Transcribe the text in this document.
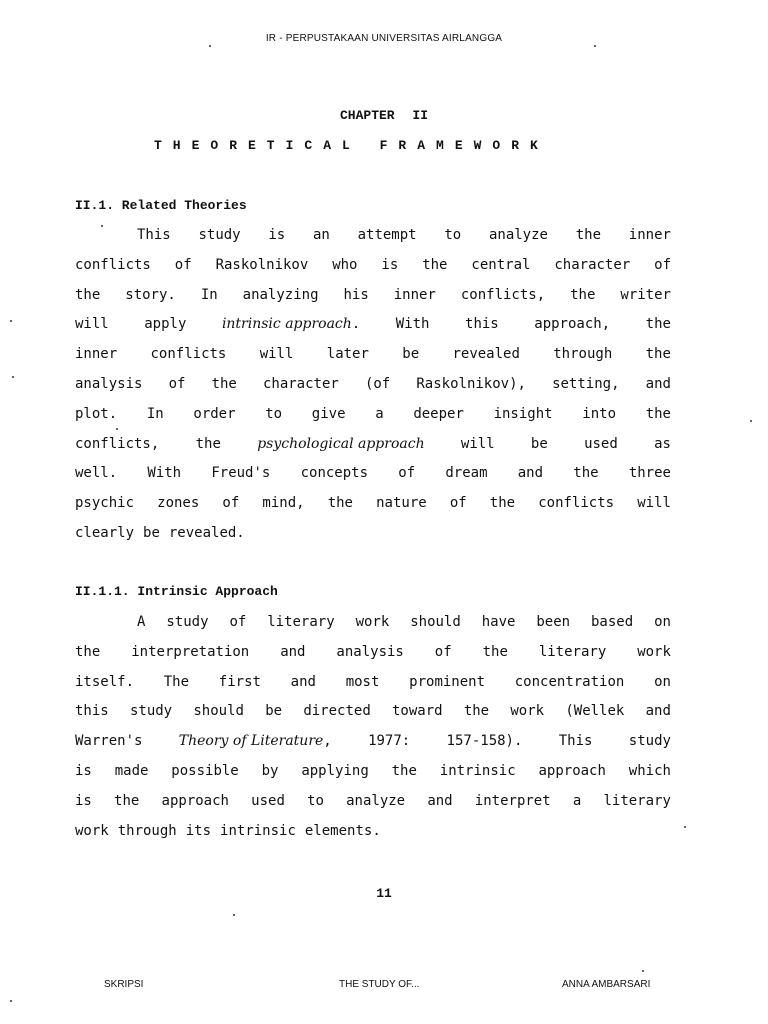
IR - PERPUSTAKAAN UNIVERSITAS AIRLANGGA
CHAPTER II
THEORETICAL FRAMEWORK
II.1. Related Theories
This study is an attempt to analyze the inner
conflicts of Raskolnikov who is the central character of
the story. In analyzing his inner conflicts, the writer
will	apply	intrinsic approach.	With	this	approach,	the
inner conflicts will later be revealed through the
analysis of the character (of Raskolnikov), setting, and
plot. In order to give a deeper insight into the
conflicts,	the	psychological approach	will	be	used	as
well. With Freud's concepts of dream and the three
psychic zones of mind, the nature of the conflicts will
clearly be revealed.
II.1.1. Intrinsic Approach
A study of literary work should have been based on
the interpretation and analysis of the literary work
itself. The first and most prominent concentration on
this study should be directed toward the work (Wellek and
Warren's	Theory of Literature,	1977:	157-158).	This	study
is made possible by applying the intrinsic approach which
is the approach used to analyze and interpret a literary
work through its intrinsic elements.
11
SKRIPSI	THE STUDY OF...	ANNA AMBARSARI
